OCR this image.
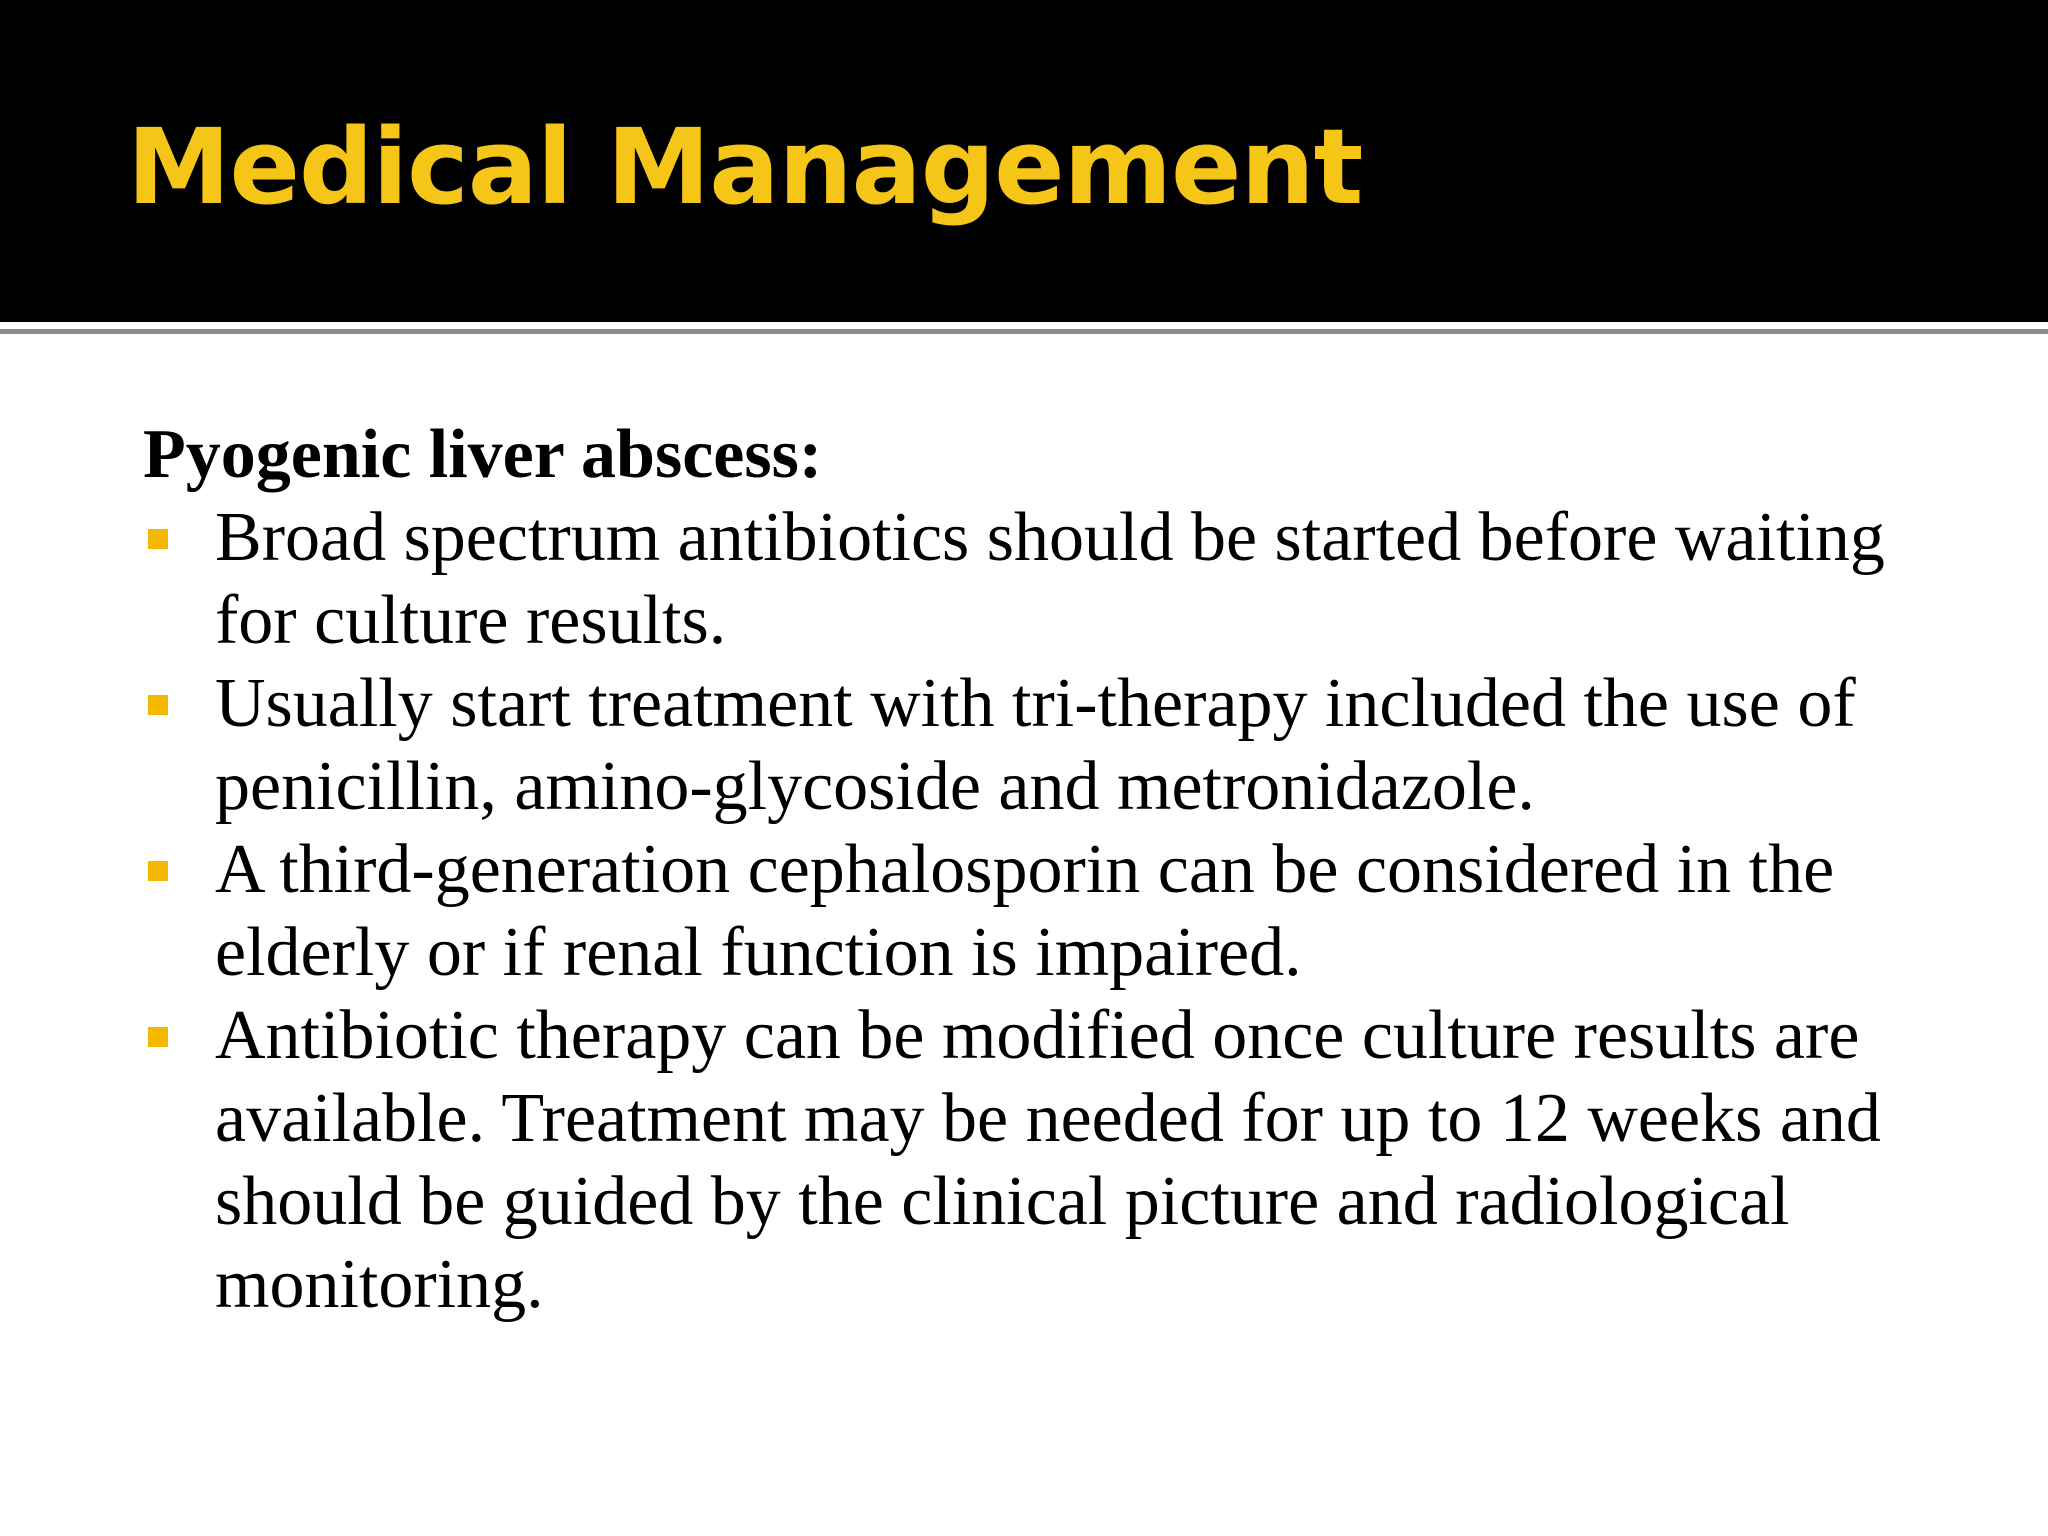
Medical Management

Pyogenic liver abscess:

Broad spectrum antibiotics should be started before waiting for culture results.
Usually start treatment with tri-therapy included the use of penicillin, amino-glycoside and metronidazole.
A third-generation cephalosporin can be considered in the elderly or if renal function is impaired.
Antibiotic therapy can be modified once culture results are available. Treatment may be needed for up to 12 weeks and should be guided by the clinical picture and radiological monitoring.
